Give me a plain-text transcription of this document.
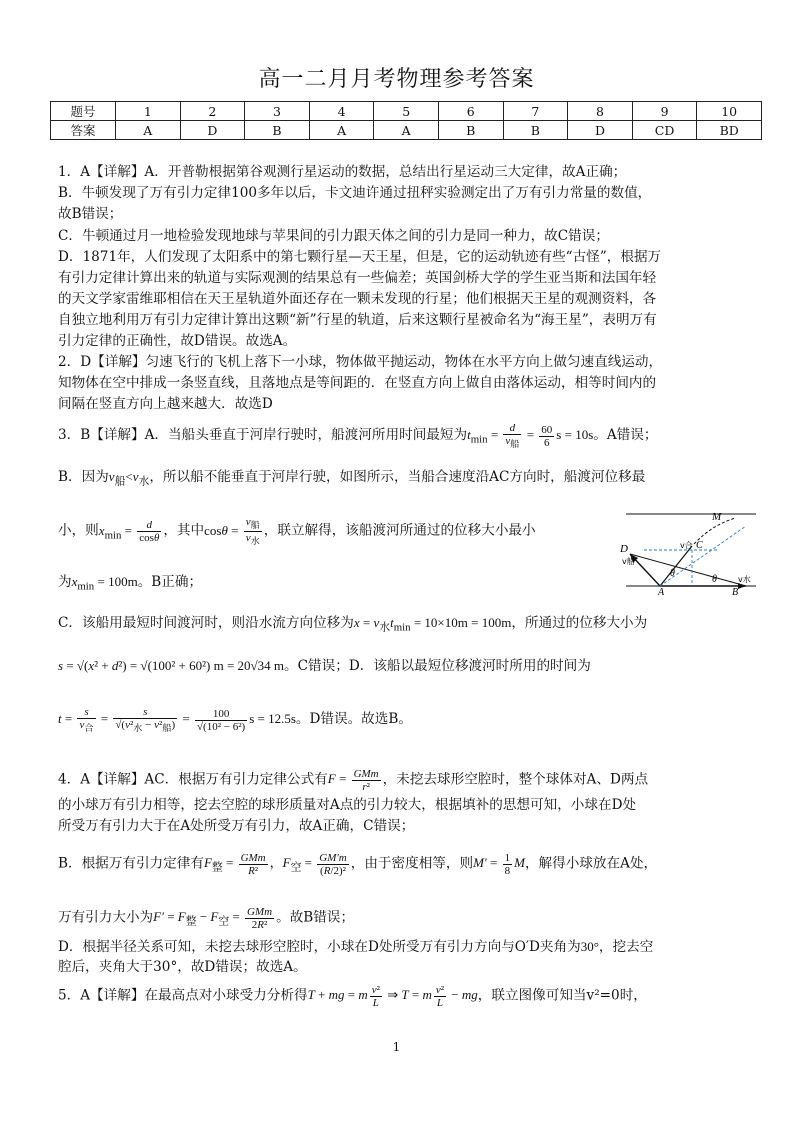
高一二月月考物理参考答案
题号	1	2	3	4	5	6	7	8	9	10
答案	A	D	B	A	A	B	B	D	CD	BD
1．A【详解】A．开普勒根据第谷观测行星运动的数据，总结出行星运动三大定律，故A正确；
B．牛顿发现了万有引力定律100多年以后，卡文迪许通过扭秤实验测定出了万有引力常量的数值，
故B错误；
C．牛顿通过月一地检验发现地球与苹果间的引力跟天体之间的引力是同一种力，故C错误；
D．1871年，人们发现了太阳系中的第七颗行星—天王星，但是，它的运动轨迹有些“古怪”，根据万
有引力定律计算出来的轨道与实际观测的结果总有一些偏差；英国剑桥大学的学生亚当斯和法国年轻
的天文学家雷维耶相信在天王星轨道外面还存在一颗未发现的行星；他们根据天王星的观测资料，各
自独立地利用万有引力定律计算出这颗“新”行星的轨道，后来这颗行星被命名为“海王星”，表明万有
引力定律的正确性，故D错误。故选A。
2．D【详解】匀速飞行的飞机上落下一小球，物体做平抛运动，物体在水平方向上做匀速直线运动，
知物体在空中排成一条竖直线，且落地点是等间距的．在竖直方向上做自由落体运动，相等时间内的
间隔在竖直方向上越来越大．故选D
3．B【详解】A．当船头垂直于河岸行驶时，船渡河所用时间最短为$t_{min} = \frac{d}{v_船} = \frac{60}{6}$ s = 10s。A错误；
B．因为$v_船<v_水$，所以船不能垂直于河岸行驶，如图所示，当船合速度沿AC方向时，船渡河位移最
小，则$x_{min} = \frac{d}{\cos\theta}$ ，其中$\cos\theta = \frac{v_船}{v_水}$ ，联立解得，该船渡河所通过的位移大小最小
为$x_{min} = 100m$。B正确；
C．该船用最短时间渡河时，则沿水流方向位移为$x = v_水t_{min} = 10\times 10m = 100m$，所通过的位移大小为
s = √(x² + d²) = √(100² + 60²) m = 20√34 m。C错误；D．该船以最短位移渡河时所用的时间为
$t = \frac{s}{v_合} = \frac{s}{√(v^2_水 - v^2_船)} = \frac{100}{\text{√(10² − 6²)}}$ s = 12.5s。D错误。故选B。
M
D
v船
v合 C
θ
θ
A	B
v水
4．A【详解】AC．根据万有引力定律公式有$F = \frac{\text{GMm}}{\text{r²}}$ ，未挖去球形空腔时，整个球体对A、D两点
的小球万有引力相等，挖去空腔的球形质量对A点的引力较大，根据填补的思想可知，小球在D处
所受万有引力大于在A处所受万有引力，故A正确，C错误；
B．根据万有引力定律有$F_整 = \frac{\text{GMm}}{\text{R²}}$ ，$F_空 = \frac{GM'm}{\text{(R/2)²}}$ ，由于密度相等，则$M' = \frac{1}{8}$ M，解得小球放在A处，
万有引力大小为$F' = F_整 - F_空 = \frac{\text{GMm}}{\text{2R²}}$ 。故B错误；
D．根据半径关系可知，未挖去球形空腔时，小球在D处所受万有引力方向与O′D夹角为30°，挖去空
腔后，夹角大于30°，故D错误；故选A。
5．A【详解】在最高点对小球受力分析得T + mg = m $\frac{\text{v²}}{L}$ ⇒ T = m $\frac{\text{v²}}{L}$ − mg，联立图像可知当v²=0时，
1
